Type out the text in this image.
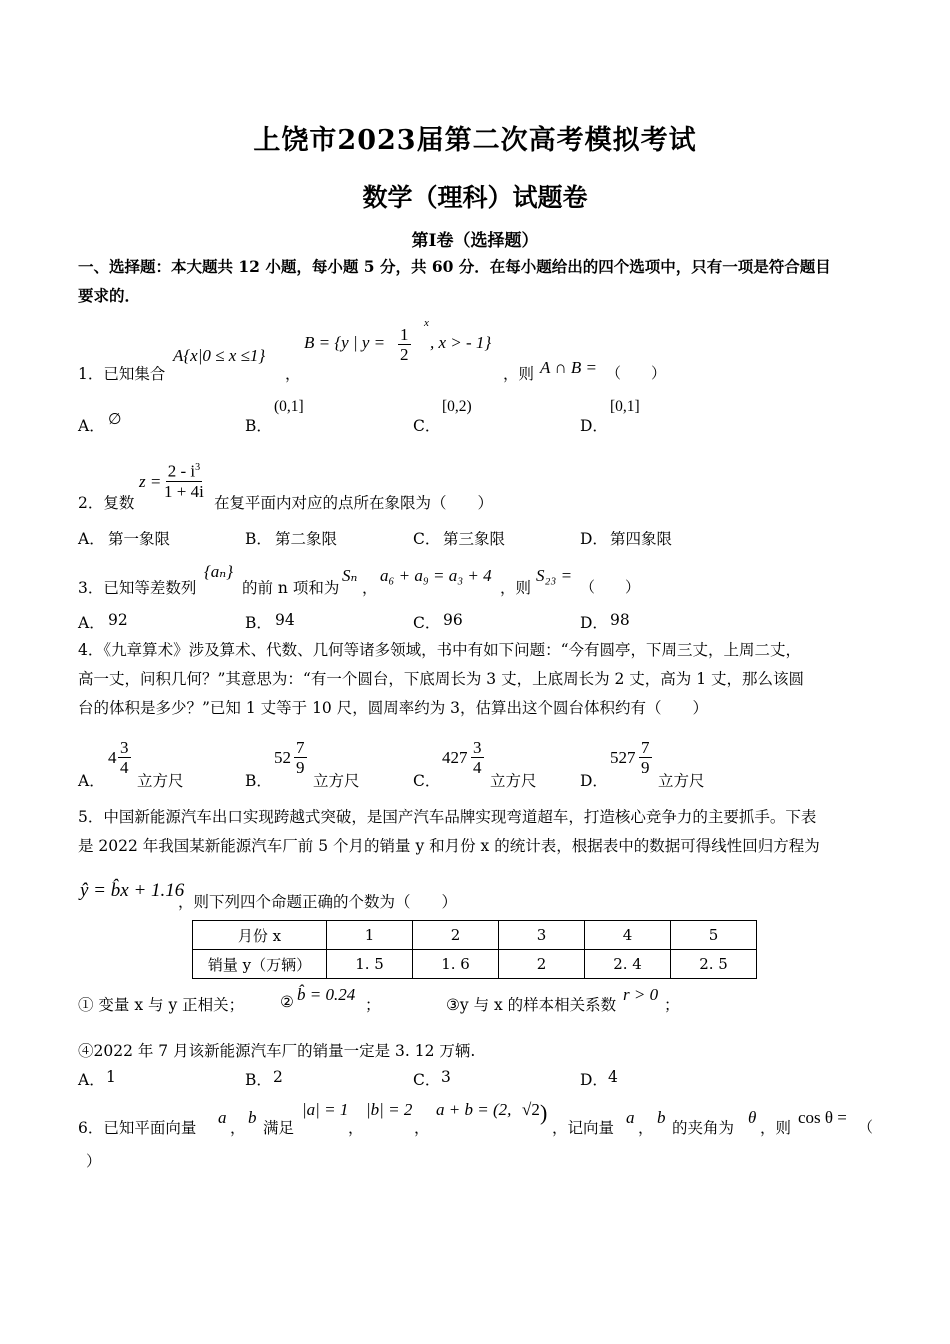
上饶市2023届第二次高考模拟考试
数学（理科）试题卷
第Ⅰ卷（选择题）
一、选择题：本大题共 12 小题，每小题 5 分，共 60 分．在每小题给出的四个选项中，只有一项是符合题目
要求的．
1．已知集合
A{x|0 ≤ x ≤1}
，
B = {y | $y = \frac{1}{2}$
x
, x > - 1}
，则 A ∩ B = （　　）
A． ∅	B．
(0,1]
C．
[0,2)
D．
[0,1]
2．复数
$z = \frac{2 - i^3}{1 + 4i}$
在复平面内对应的点所在象限为（　　）
A． 第一象限	B． 第二象限	C． 第三象限	D． 第四象限
3．已知等差数列
{aₙ}
的前 n 项和为
Sₙ
，
a₆ + a₉ = a₃ + 4
，则
S₂₃ =
（　　）
A． 92	B． 94	C． 96	D． 98
4．《九章算术》涉及算术、代数、几何等诸多领域，书中有如下问题：“今有圆亭，下周三丈，上周二丈，
高一丈，问积几何？”其意思为：“有一个圆台，下底周长为 3 丈，上底周长为 2 丈，高为 1 丈，那么该圆
台的体积是多少？”已知 1 丈等于 10 尺，圆周率约为 3，估算出这个圆台体积约有（　　）
A．
$4 \frac{3}{4}$
立方尺	B．
$52 \frac{7}{9}$
立方尺	C．
$427 \frac{3}{4}$
立方尺	D．
$527 \frac{7}{9}$
立方尺
5．中国新能源汽车出口实现跨越式突破，是国产汽车品牌实现弯道超车，打造核心竞争力的主要抓手。下表
是 2022 年我国某新能源汽车厂前 5 个月的销量 y 和月份 x 的统计表，根据表中的数据可得线性回归方程为
ŷ = b̂x + 1.16
，则下列四个命题正确的个数为（　　）
月份 x	1	2	3	4	5
销量 y（万辆）	1. 5	1. 6	2	2. 4	2. 5
① 变量 x 与 y 正相关； ② b̂ = 0.24
；	③y 与 x 的样本相关系数
r > 0
；
④2022 年 7 月该新能源汽车厂的销量一定是 3. 12 万辆.
A． 1	B． 2	C． 3	D． 4
6．已知平面向量
a
，
b
满足
|a| = 1
，
|b| = 2
，
a + b = (2, √2 )
，记向量
a
，
b
的夹角为
θ
，则
cos θ = （
）
